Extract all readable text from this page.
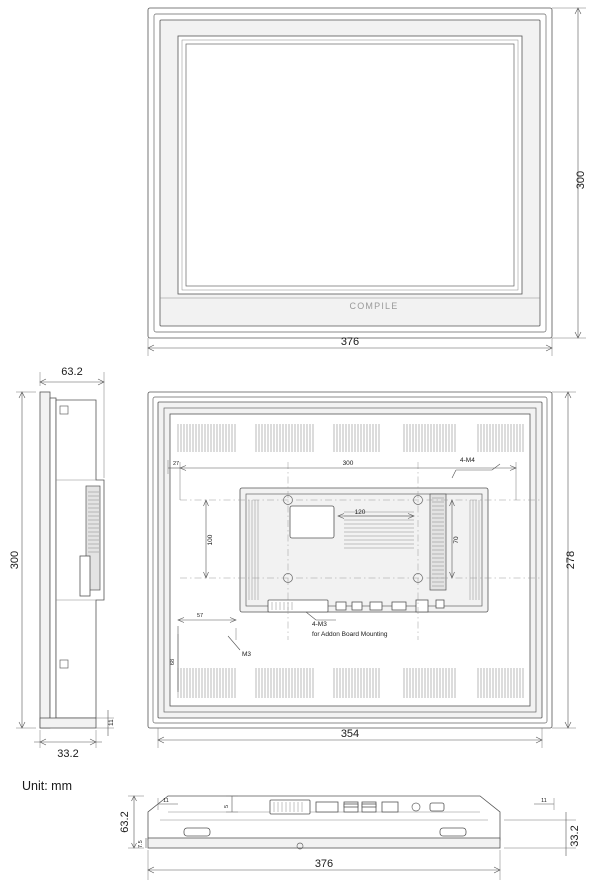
COMPILE
300
376
63.2
300
11
33.2
300
27
100
120
70
4-M4
4-M3
for Addon Board Mounting
57
68
M3
278
354
Unit: mm
63.2
7.5
5
11	11
33.2
376
